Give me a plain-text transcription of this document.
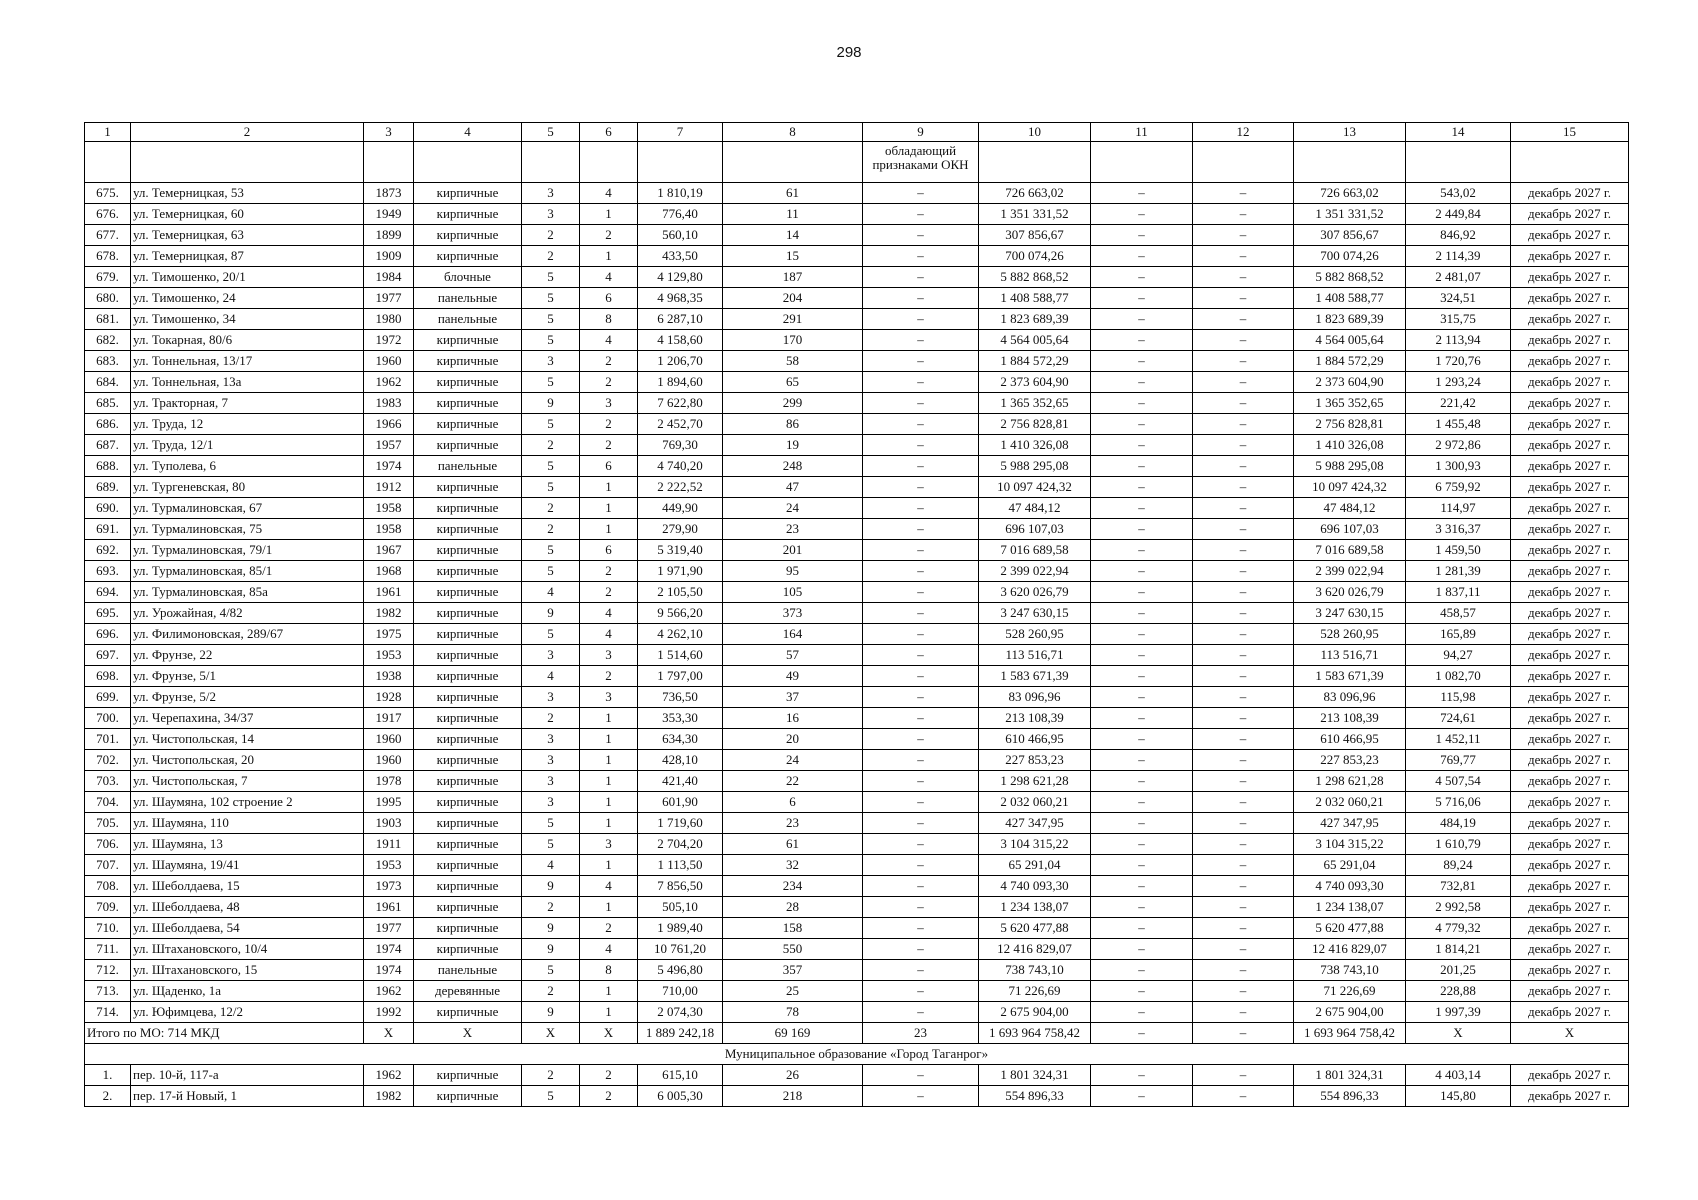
298
1	2	3	4	5	6	7	8	9	10	11	12	13	14	15
								обладающий признаками ОКН						
675.	ул. Темерницкая, 53	1873	кирпичные	3	4	1 810,19	61	–	726 663,02	–	–	726 663,02	543,02	декабрь 2027 г.
676.	ул. Темерницкая, 60	1949	кирпичные	3	1	776,40	11	–	1 351 331,52	–	–	1 351 331,52	2 449,84	декабрь 2027 г.
677.	ул. Темерницкая, 63	1899	кирпичные	2	2	560,10	14	–	307 856,67	–	–	307 856,67	846,92	декабрь 2027 г.
678.	ул. Темерницкая, 87	1909	кирпичные	2	1	433,50	15	–	700 074,26	–	–	700 074,26	2 114,39	декабрь 2027 г.
679.	ул. Тимошенко, 20/1	1984	блочные	5	4	4 129,80	187	–	5 882 868,52	–	–	5 882 868,52	2 481,07	декабрь 2027 г.
680.	ул. Тимошенко, 24	1977	панельные	5	6	4 968,35	204	–	1 408 588,77	–	–	1 408 588,77	324,51	декабрь 2027 г.
681.	ул. Тимошенко, 34	1980	панельные	5	8	6 287,10	291	–	1 823 689,39	–	–	1 823 689,39	315,75	декабрь 2027 г.
682.	ул. Токарная, 80/6	1972	кирпичные	5	4	4 158,60	170	–	4 564 005,64	–	–	4 564 005,64	2 113,94	декабрь 2027 г.
683.	ул. Тоннельная, 13/17	1960	кирпичные	3	2	1 206,70	58	–	1 884 572,29	–	–	1 884 572,29	1 720,76	декабрь 2027 г.
684.	ул. Тоннельная, 13а	1962	кирпичные	5	2	1 894,60	65	–	2 373 604,90	–	–	2 373 604,90	1 293,24	декабрь 2027 г.
685.	ул. Тракторная, 7	1983	кирпичные	9	3	7 622,80	299	–	1 365 352,65	–	–	1 365 352,65	221,42	декабрь 2027 г.
686.	ул. Труда, 12	1966	кирпичные	5	2	2 452,70	86	–	2 756 828,81	–	–	2 756 828,81	1 455,48	декабрь 2027 г.
687.	ул. Труда, 12/1	1957	кирпичные	2	2	769,30	19	–	1 410 326,08	–	–	1 410 326,08	2 972,86	декабрь 2027 г.
688.	ул. Туполева, 6	1974	панельные	5	6	4 740,20	248	–	5 988 295,08	–	–	5 988 295,08	1 300,93	декабрь 2027 г.
689.	ул. Тургеневская, 80	1912	кирпичные	5	1	2 222,52	47	–	10 097 424,32	–	–	10 097 424,32	6 759,92	декабрь 2027 г.
690.	ул. Турмалиновская, 67	1958	кирпичные	2	1	449,90	24	–	47 484,12	–	–	47 484,12	114,97	декабрь 2027 г.
691.	ул. Турмалиновская, 75	1958	кирпичные	2	1	279,90	23	–	696 107,03	–	–	696 107,03	3 316,37	декабрь 2027 г.
692.	ул. Турмалиновская, 79/1	1967	кирпичные	5	6	5 319,40	201	–	7 016 689,58	–	–	7 016 689,58	1 459,50	декабрь 2027 г.
693.	ул. Турмалиновская, 85/1	1968	кирпичные	5	2	1 971,90	95	–	2 399 022,94	–	–	2 399 022,94	1 281,39	декабрь 2027 г.
694.	ул. Турмалиновская, 85а	1961	кирпичные	4	2	2 105,50	105	–	3 620 026,79	–	–	3 620 026,79	1 837,11	декабрь 2027 г.
695.	ул. Урожайная, 4/82	1982	кирпичные	9	4	9 566,20	373	–	3 247 630,15	–	–	3 247 630,15	458,57	декабрь 2027 г.
696.	ул. Филимоновская, 289/67	1975	кирпичные	5	4	4 262,10	164	–	528 260,95	–	–	528 260,95	165,89	декабрь 2027 г.
697.	ул. Фрунзе, 22	1953	кирпичные	3	3	1 514,60	57	–	113 516,71	–	–	113 516,71	94,27	декабрь 2027 г.
698.	ул. Фрунзе, 5/1	1938	кирпичные	4	2	1 797,00	49	–	1 583 671,39	–	–	1 583 671,39	1 082,70	декабрь 2027 г.
699.	ул. Фрунзе, 5/2	1928	кирпичные	3	3	736,50	37	–	83 096,96	–	–	83 096,96	115,98	декабрь 2027 г.
700.	ул. Черепахина, 34/37	1917	кирпичные	2	1	353,30	16	–	213 108,39	–	–	213 108,39	724,61	декабрь 2027 г.
701.	ул. Чистопольская, 14	1960	кирпичные	3	1	634,30	20	–	610 466,95	–	–	610 466,95	1 452,11	декабрь 2027 г.
702.	ул. Чистопольская, 20	1960	кирпичные	3	1	428,10	24	–	227 853,23	–	–	227 853,23	769,77	декабрь 2027 г.
703.	ул. Чистопольская, 7	1978	кирпичные	3	1	421,40	22	–	1 298 621,28	–	–	1 298 621,28	4 507,54	декабрь 2027 г.
704.	ул. Шаумяна, 102 строение 2	1995	кирпичные	3	1	601,90	6	–	2 032 060,21	–	–	2 032 060,21	5 716,06	декабрь 2027 г.
705.	ул. Шаумяна, 110	1903	кирпичные	5	1	1 719,60	23	–	427 347,95	–	–	427 347,95	484,19	декабрь 2027 г.
706.	ул. Шаумяна, 13	1911	кирпичные	5	3	2 704,20	61	–	3 104 315,22	–	–	3 104 315,22	1 610,79	декабрь 2027 г.
707.	ул. Шаумяна, 19/41	1953	кирпичные	4	1	1 113,50	32	–	65 291,04	–	–	65 291,04	89,24	декабрь 2027 г.
708.	ул. Шеболдаева, 15	1973	кирпичные	9	4	7 856,50	234	–	4 740 093,30	–	–	4 740 093,30	732,81	декабрь 2027 г.
709.	ул. Шеболдаева, 48	1961	кирпичные	2	1	505,10	28	–	1 234 138,07	–	–	1 234 138,07	2 992,58	декабрь 2027 г.
710.	ул. Шеболдаева, 54	1977	кирпичные	9	2	1 989,40	158	–	5 620 477,88	–	–	5 620 477,88	4 779,32	декабрь 2027 г.
711.	ул. Штахановского, 10/4	1974	кирпичные	9	4	10 761,20	550	–	12 416 829,07	–	–	12 416 829,07	1 814,21	декабрь 2027 г.
712.	ул. Штахановского, 15	1974	панельные	5	8	5 496,80	357	–	738 743,10	–	–	738 743,10	201,25	декабрь 2027 г.
713.	ул. Щаденко, 1а	1962	деревянные	2	1	710,00	25	–	71 226,69	–	–	71 226,69	228,88	декабрь 2027 г.
714.	ул. Юфимцева, 12/2	1992	кирпичные	9	1	2 074,30	78	–	2 675 904,00	–	–	2 675 904,00	1 997,39	декабрь 2027 г.
Итого по МО: 714 МКД		X	X	X	X	1 889 242,18	69 169	23	1 693 964 758,42	–	–	1 693 964 758,42	X	X
Муниципальное образование «Город Таганрог»														
1.	пер. 10-й, 117-а	1962	кирпичные	2	2	615,10	26	–	1 801 324,31	–	–	1 801 324,31	4 403,14	декабрь 2027 г.
2.	пер. 17-й Новый, 1	1982	кирпичные	5	2	6 005,30	218	–	554 896,33	–	–	554 896,33	145,80	декабрь 2027 г.
